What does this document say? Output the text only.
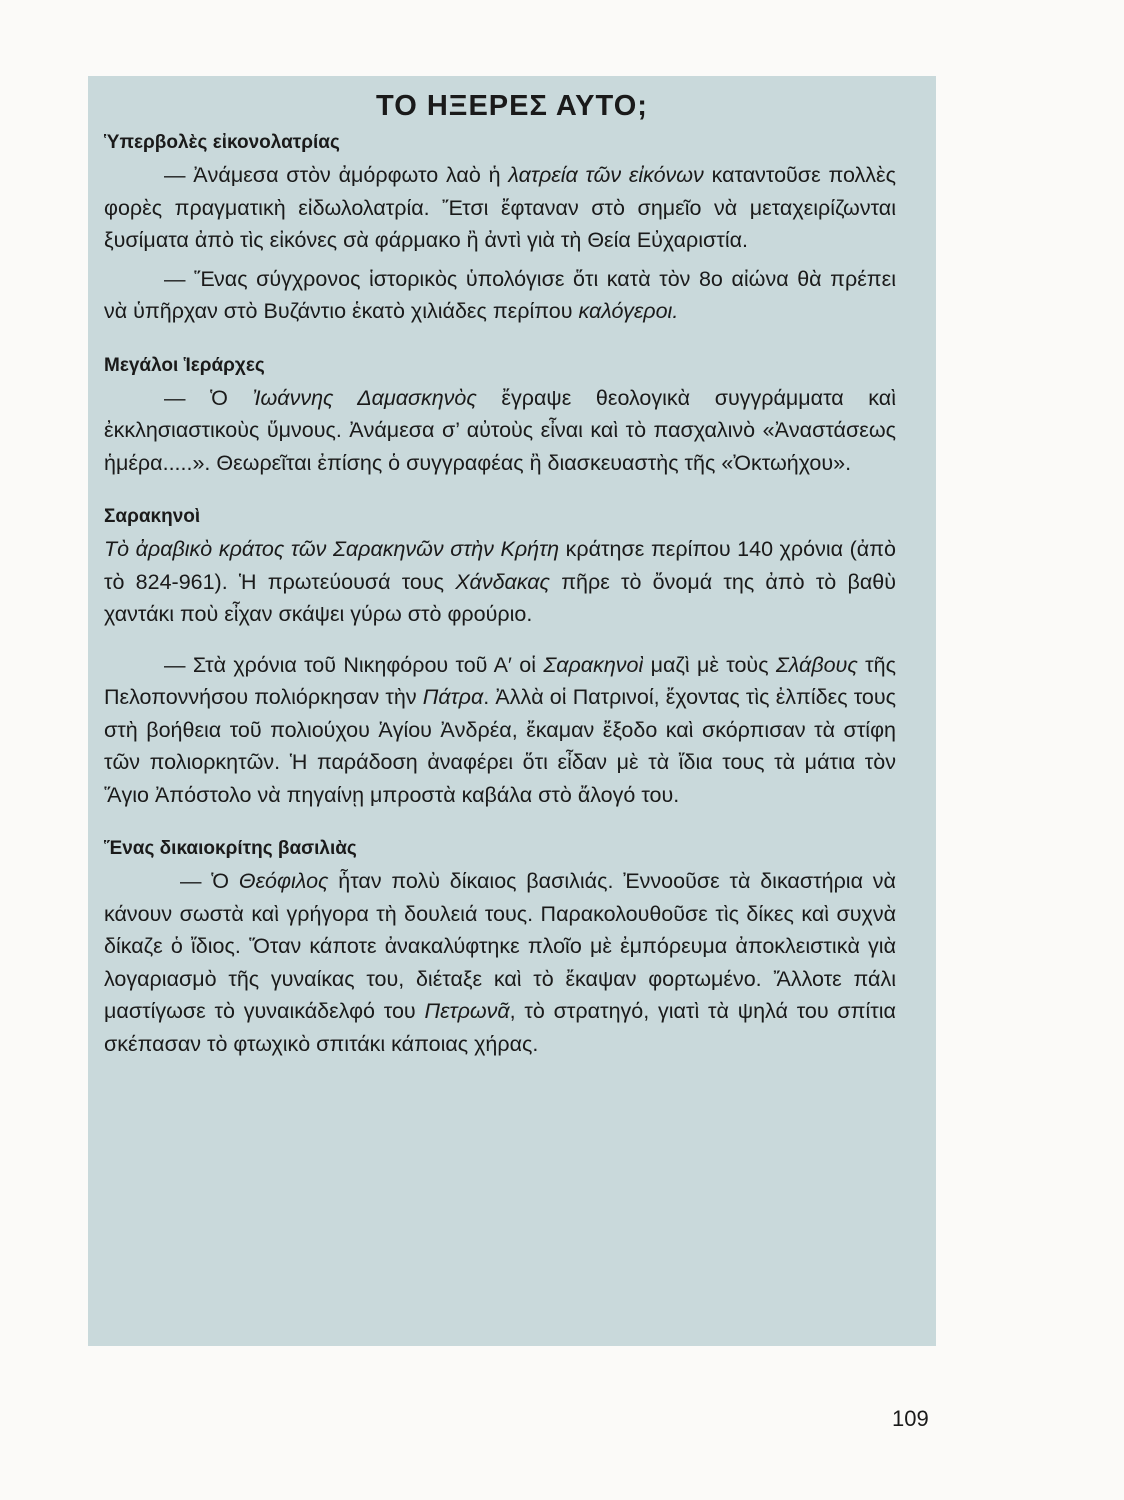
ΤΟ ΗΞΕΡΕΣ ΑΥΤΟ;
Ὑπερβολὲς εἰκονολατρίας

— Ἀνάμεσα στὸν ἀμόρφωτο λαὸ ἡ λατρεία τῶν εἰκόνων καταντοῦσε πολλὲς φορὲς πραγματικὴ εἰδωλολατρία. Ἔτσι ἔφταναν στὸ σημεῖο νὰ μεταχειρίζωνται ξυσίματα ἀπὸ τὶς εἰκόνες σὰ φάρμακο ἢ ἀντὶ γιὰ τὴ Θεία Εὐχαριστία.

— Ἕνας σύγχρονος ἱστορικὸς ὑπολόγισε ὅτι κατὰ τὸν 8ο αἰώνα θὰ πρέπει νὰ ὑπῆρχαν στὸ Βυζάντιο ἑκατὸ χιλιάδες περίπου καλόγεροι.

Μεγάλοι Ἱεράρχες

— Ὁ Ἰωάννης Δαμασκηνὸς ἔγραψε θεολογικὰ συγγράμματα καὶ ἐκκλησιαστικοὺς ὕμνους. Ἀνάμεσα σ’ αὐτοὺς εἶναι καὶ τὸ πασχαλινὸ «Ἀναστάσεως ἡμέρα.....». Θεωρεῖται ἐπίσης ὁ συγγραφέας ἢ διασκευαστὴς τῆς «Ὀκτωήχου».

Σαρακηνοὶ

Τὸ ἀραβικὸ κράτος τῶν Σαρακηνῶν στὴν Κρήτη κράτησε περίπου 140 χρόνια (ἀπὸ τὸ 824-961). Ἡ πρωτεύουσά τους Χάνδακας πῆρε τὸ ὄνομά της ἀπὸ τὸ βαθὺ χαντάκι ποὺ εἶχαν σκάψει γύρω στὸ φρούριο.

— Στὰ χρόνια τοῦ Νικηφόρου τοῦ Α′ οἱ Σαρακηνοὶ μαζὶ μὲ τοὺς Σλάβους τῆς Πελοποννήσου πολιόρκησαν τὴν Πάτρα. Ἀλλὰ οἱ Πατρινοί, ἔχοντας τὶς ἐλπίδες τους στὴ βοήθεια τοῦ πολιούχου Ἁγίου Ἀνδρέα, ἔκαμαν ἔξοδο καὶ σκόρπισαν τὰ στίφη τῶν πολιορκητῶν. Ἡ παράδοση ἀναφέρει ὅτι εἶδαν μὲ τὰ ἴδια τους τὰ μάτια τὸν Ἅγιο Ἀπόστολο νὰ πηγαίνῃ μπροστὰ καβάλα στὸ ἄλογό του.

Ἕνας δικαιοκρίτης βασιλιὰς

— Ὁ Θεόφιλος ἦταν πολὺ δίκαιος βασιλιάς. Ἐννοοῦσε τὰ δικαστήρια νὰ κάνουν σωστὰ καὶ γρήγορα τὴ δουλειά τους. Παρακολουθοῦσε τὶς δίκες καὶ συχνὰ δίκαζε ὁ ἴδιος. Ὅταν κάποτε ἀνακαλύφτηκε πλοῖο μὲ ἐμπόρευμα ἀποκλειστικὰ γιὰ λογαριασμὸ τῆς γυναίκας του, διέταξε καὶ τὸ ἔκαψαν φορτωμένο. Ἄλλοτε πάλι μαστίγωσε τὸ γυναικάδελφό του Πετρωνᾶ, τὸ στρατηγό, γιατὶ τὰ ψηλά του σπίτια σκέπασαν τὸ φτωχικὸ σπιτάκι κάποιας χήρας.

109
